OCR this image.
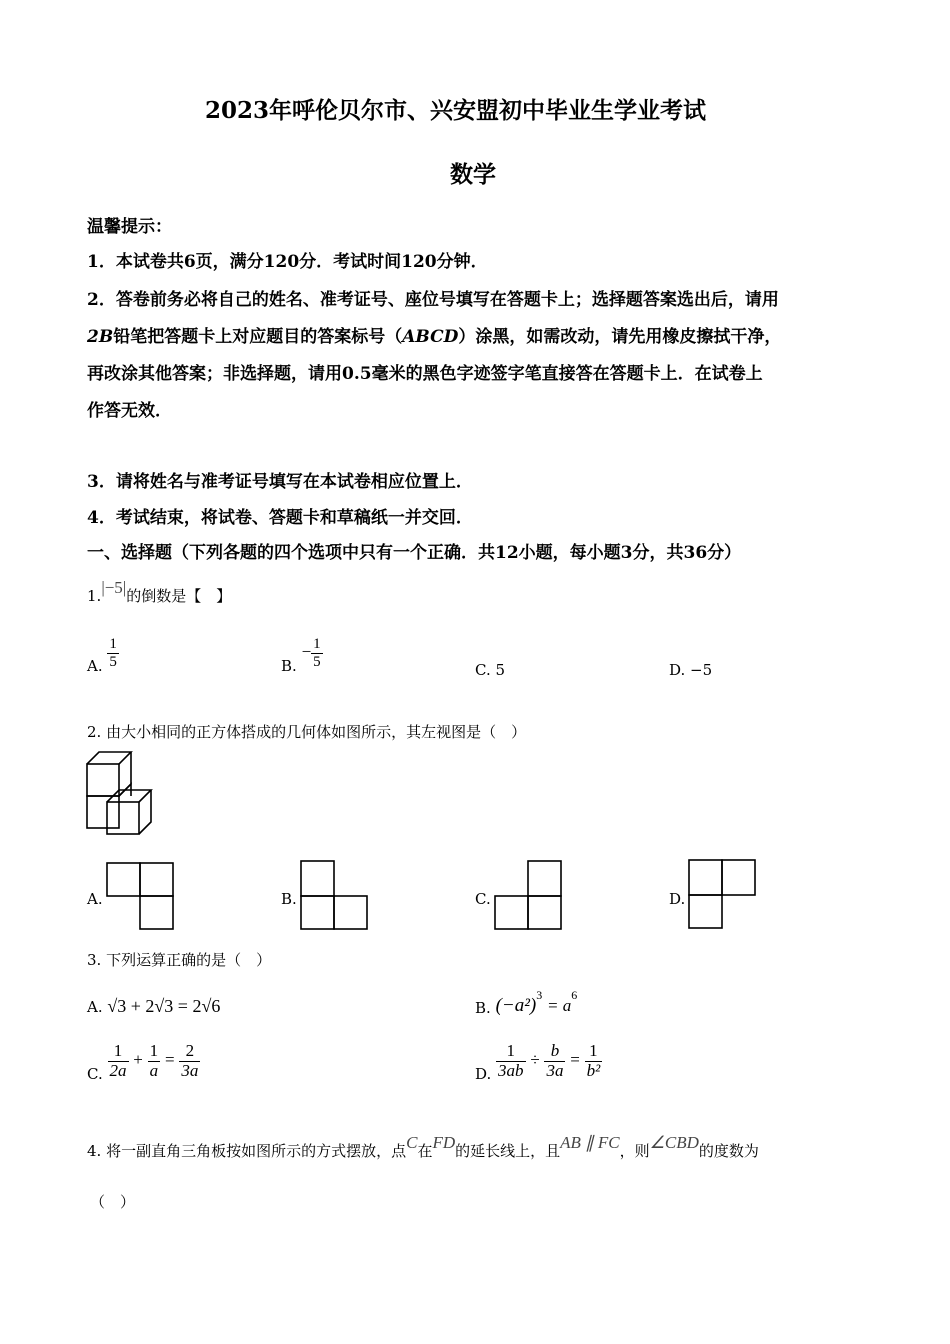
2023年呼伦贝尔市、兴安盟初中毕业生学业考试
数学
温馨提示：
1．本试卷共6页，满分120分．考试时间120分钟．
2．答卷前务必将自己的姓名、准考证号、座位号填写在答题卡上；选择题答案选出后，请用
2B铅笔把答题卡上对应题目的答案标号（ABCD）涂黑，如需改动，请先用橡皮擦拭干净，
再改涂其他答案；非选择题，请用0.5毫米的黑色字迹签字笔直接答在答题卡上．在试卷上
作答无效．
3．请将姓名与准考证号填写在本试卷相应位置上．
4．考试结束，将试卷、答题卡和草稿纸一并交回．
一、选择题（下列各题的四个选项中只有一个正确．共12小题，每小题3分，共36分）
1.|−5|的倒数是【　】
A. $\frac{1}{5}$	B. − $\frac{1}{5}$	C. 5	D. −5
2. 由大小相同的正方体搭成的几何体如图所示，其左视图是（　）
A.	B.	C.	D.
3. 下列运算正确的是（　）
A. √3 + 2√3 = 2√6	B. $(-a^2)^3 = a^6$
C. $\frac{1}{2a} + \frac{1}{a} = \frac{2}{3a}$	D. $\frac{1}{3ab} \div \frac{b}{3a} = \frac{1}{\text{b²}}$
4. 将一副直角三角板按如图所示的方式摆放，点C在FD的延长线上，且AB ∥ FC，则∠CBD的度数为
（　）
